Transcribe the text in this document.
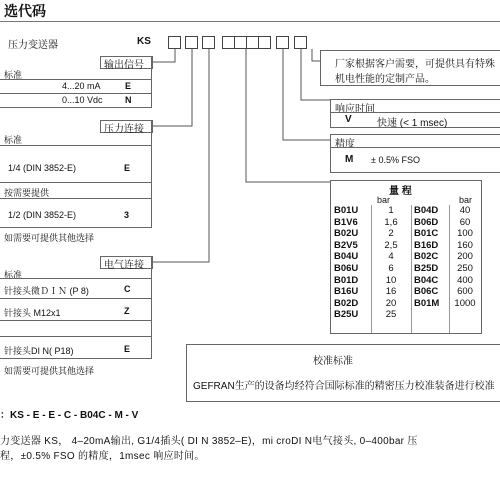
选代码
压力变送器	KS
输出信号
标准
4...20 mA	E
0...10 Vdc N
压力连接
标准
1/4 (DIN 3852-E)	E
按需要提供
1/2 (DIN 3852-E)	3
如需要可提供其他选择
电气连接
标准
针接头微ＤＩＮ (P 8)	C
针接头 M12x1	Z
针接头DI N( P18)	E
如需要可提供其他选择
厂家根据客户需要，可提供具有特殊
机电性能的定制产品。
响应时间
V	快速 (< 1 msec)
精度
M ± 0.5% FSO
量 程
bar	bar
B01U	1	B04D	40
B1V6	1,6	B06D	60
B02U	2	B01C	100
B2V5	2,5	B16D	160
B04U	4	B02C	200
B06U	6	B25D	250
B01D	10	B04C	400
B16U	16	B06C	600
B02D	20	B01M	1000
B25U	25		
校准标准
GEFRAN生产的设备均经符合国际标准的精密压力校准装备进行校准
：KS - E - E - C - B04C - M - V
力变送器 KS， 4–20mA输出, G1/4插头( DI N 3852–E)，mi croDI N电气接头, 0–400bar 压
程，±0.5% FSO 的精度，1msec 响应时间。
